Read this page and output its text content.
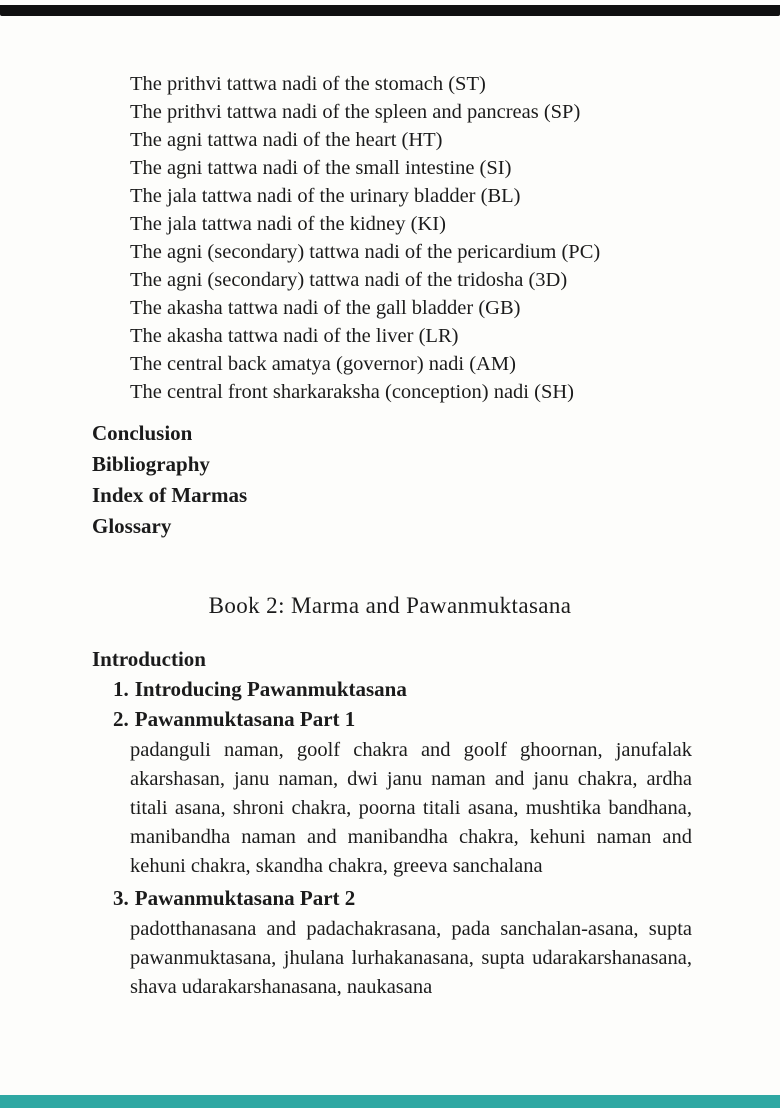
The prithvi tattwa nadi of the stomach (ST)
The prithvi tattwa nadi of the spleen and pancreas (SP)
The agni tattwa nadi of the heart (HT)
The agni tattwa nadi of the small intestine (SI)
The jala tattwa nadi of the urinary bladder (BL)
The jala tattwa nadi of the kidney (KI)
The agni (secondary) tattwa nadi of the pericardium (PC)
The agni (secondary) tattwa nadi of the tridosha (3D)
The akasha tattwa nadi of the gall bladder (GB)
The akasha tattwa nadi of the liver (LR)
The central back amatya (governor) nadi (AM)
The central front sharkaraksha (conception) nadi (SH)
Conclusion
Bibliography
Index of Marmas
Glossary
Book 2: Marma and Pawanmuktasana
Introduction
1. Introducing Pawanmuktasana
2. Pawanmuktasana Part 1

padanguli naman, goolf chakra and goolf ghoornan, janufalak akarshasan, janu naman, dwi janu naman and janu chakra, ardha titali asana, shroni chakra, poorna titali asana, mushtika bandhana, manibandha naman and manibandha chakra, kehuni naman and kehuni chakra, skandha chakra, greeva sanchalana

3. Pawanmuktasana Part 2

padotthanasana and padachakrasana, pada sanchalan-asana, supta pawanmuktasana, jhulana lurhakanasana, supta udarakarshanasana, shava udarakarshanasana, naukasana
